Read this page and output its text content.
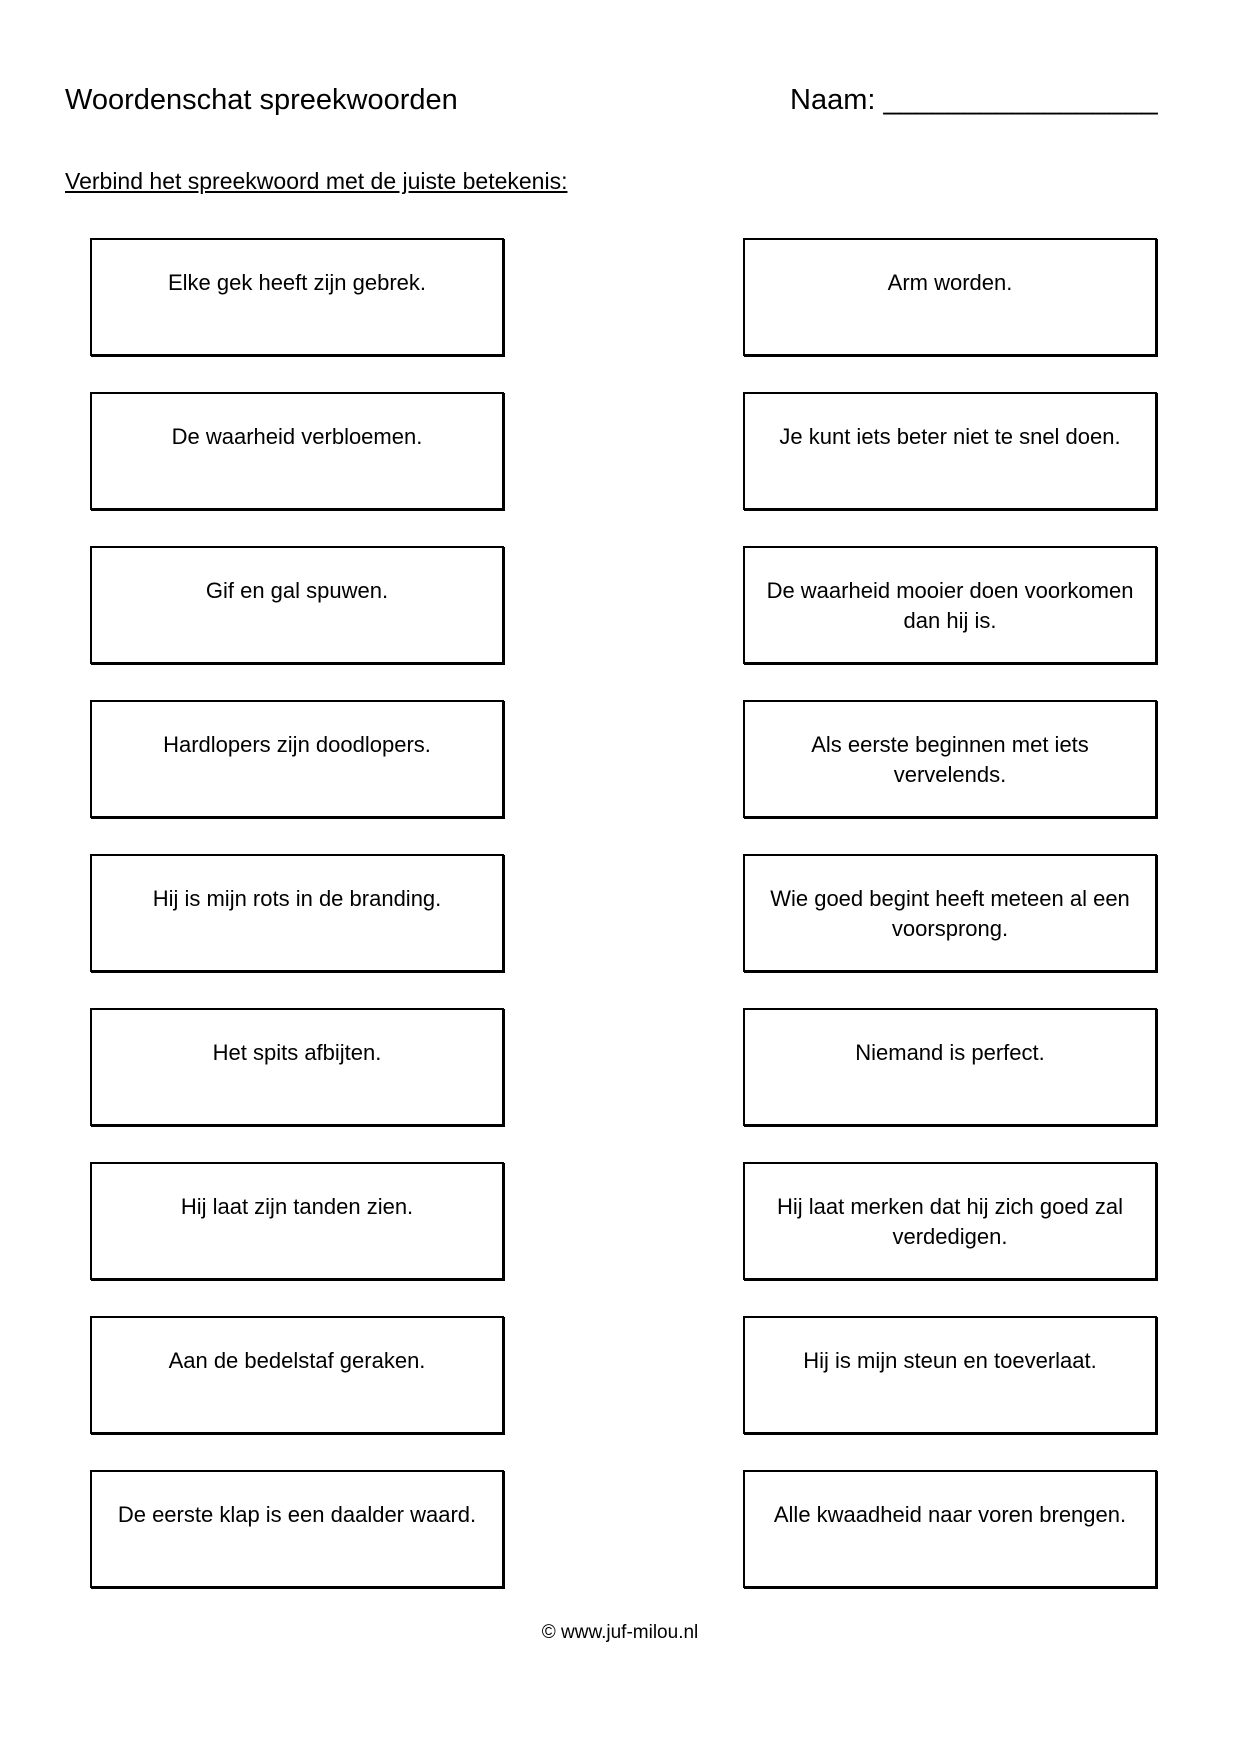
Woordenschat spreekwoorden	Naam: _________________
Verbind het spreekwoord met de juiste betekenis:
Elke gek heeft zijn gebrek.
De waarheid verbloemen.
Gif en gal spuwen.
Hardlopers zijn doodlopers.
Hij is mijn rots in de branding.
Het spits afbijten.
Hij laat zijn tanden zien.
Aan de bedelstaf geraken.
De eerste klap is een daalder waard.
Arm worden.
Je kunt iets beter niet te snel doen.
De waarheid mooier doen voorkomen dan hij is.
Als eerste beginnen met iets vervelends.
Wie goed begint heeft meteen al een voorsprong.
Niemand is perfect.
Hij laat merken dat hij zich goed zal verdedigen.
Hij is mijn steun en toeverlaat.
Alle kwaadheid naar voren brengen.
© www.juf-milou.nl
